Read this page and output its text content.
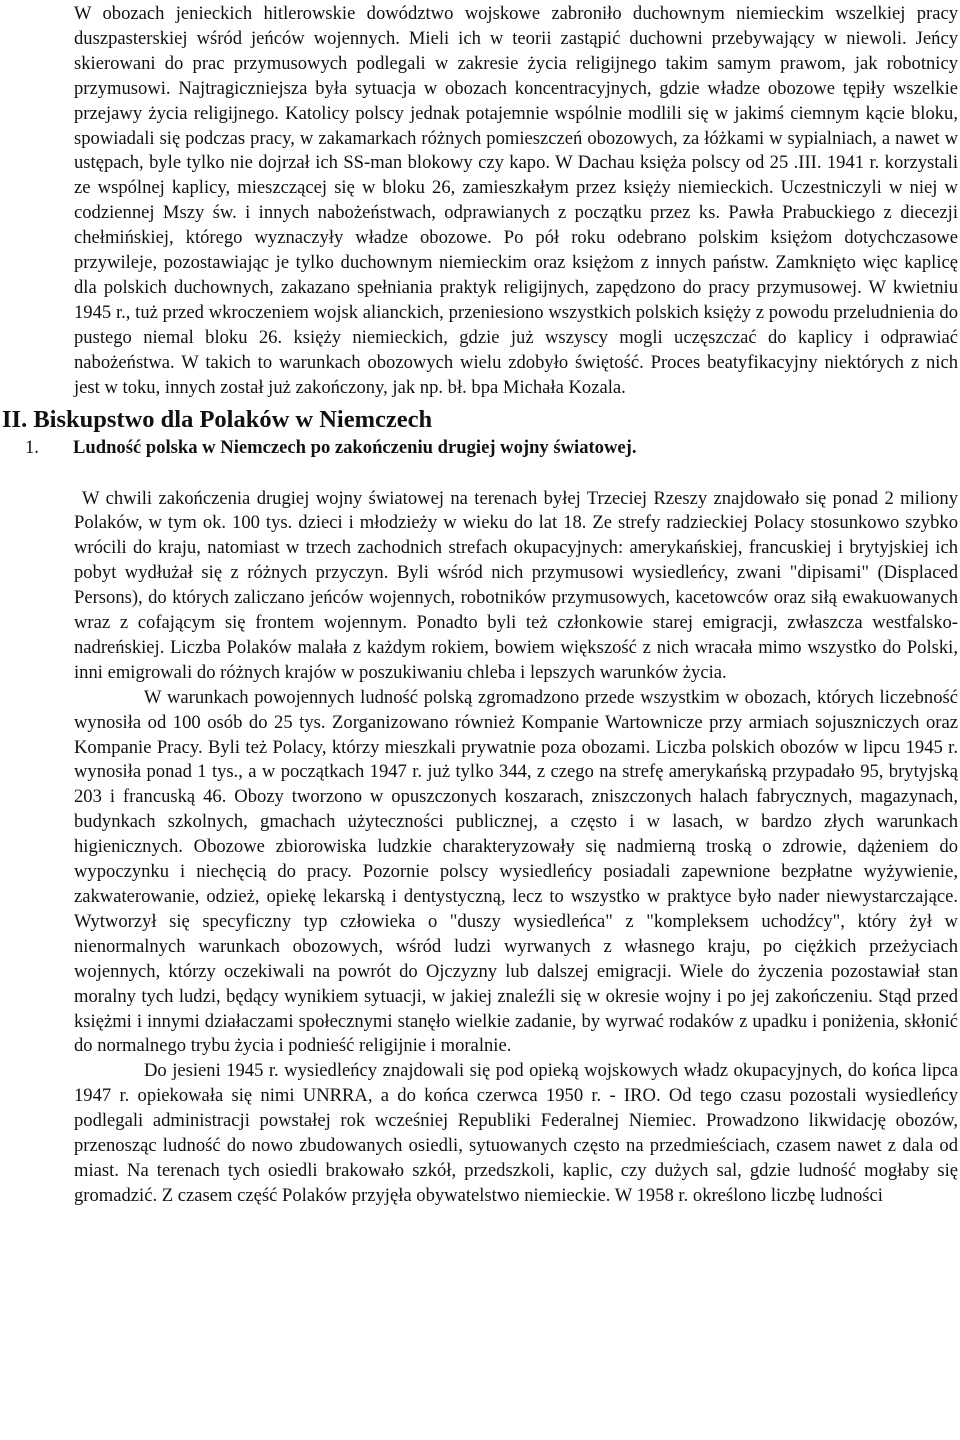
W obozach jenieckich hitlerowskie dowództwo wojskowe zabroniło duchownym niemieckim wszelkiej pracy duszpasterskiej wśród jeńców wojennych. Mieli ich w teorii zastąpić duchowni przebywający w niewoli. Jeńcy skierowani do prac przymusowych podlegali w zakresie życia religijnego takim samym prawom, jak robotnicy przymusowi. Najtragiczniejsza była sytuacja w obozach koncentracyjnych, gdzie władze obozowe tępiły wszelkie przejawy życia religijnego. Katolicy polscy jednak potajemnie wspólnie modlili się w jakimś ciemnym kącie bloku, spowiadali się podczas pracy, w zakamarkach różnych pomieszczeń obozowych, za łóżkami w sypialniach, a nawet w ustępach, byle tylko nie dojrzał ich SS-man blokowy czy kapo. W Dachau księża polscy od 25 .III. 1941 r. korzystali ze wspólnej kaplicy, mieszczącej się w bloku 26, zamieszkałym przez księży niemieckich. Uczestniczyli w niej w codziennej Mszy św. i innych nabożeństwach, odprawianych z początku przez ks. Pawła Prabuckiego z diecezji chełmińskiej, którego wyznaczyły władze obozowe. Po pół roku odebrano polskim księżom dotychczasowe przywileje, pozostawiając je tylko duchownym niemieckim oraz księżom z innych państw. Zamknięto więc kaplicę dla polskich duchownych, zakazano spełniania praktyk religijnych, zapędzono do pracy przymusowej. W kwietniu 1945 r., tuż przed wkroczeniem wojsk alianckich, przeniesiono wszystkich polskich księży z powodu przeludnienia do pustego niemal bloku 26. księży niemieckich, gdzie już wszyscy mogli uczęszczać do kaplicy i odprawiać nabożeństwa. W takich to warunkach obozowych wielu zdobyło świętość. Proces beatyfikacyjny niektórych z nich jest w toku, innych został już zakończony, jak np. bł. bpa Michała Kozala.

II. Biskupstwo dla Polaków w Niemczech
1.	Ludność polska w Niemczech po zakończeniu drugiej wojny światowej.

W chwili zakończenia drugiej wojny światowej na terenach byłej Trzeciej Rzeszy znajdowało się ponad 2 miliony Polaków, w tym ok. 100 tys. dzieci i młodzieży w wieku do lat 18. Ze strefy radzieckiej Polacy stosunkowo szybko wrócili do kraju, natomiast w trzech zachodnich strefach okupacyjnych: amerykańskiej, francuskiej i brytyjskiej ich pobyt wydłużał się z różnych przyczyn. Byli wśród nich przymusowi wysiedleńcy, zwani "dipisami" (Displaced Persons), do których zaliczano jeńców wojennych, robotników przymusowych, kacetowców oraz siłą ewakuowanych wraz z cofającym się frontem wojennym. Ponadto byli też członkowie starej emigracji, zwłaszcza westfalsko-nadreńskiej. Liczba Polaków malała z każdym rokiem, bowiem większość z nich wracała mimo wszystko do Polski, inni emigrowali do różnych krajów w poszukiwaniu chleba i lepszych warunków życia.

W warunkach powojennych ludność polską zgromadzono przede wszystkim w obozach, których liczebność wynosiła od 100 osób do 25 tys. Zorganizowano również Kompanie Wartownicze przy armiach sojuszniczych oraz Kompanie Pracy. Byli też Polacy, którzy mieszkali prywatnie poza obozami. Liczba polskich obozów w lipcu 1945 r. wynosiła ponad 1 tys., a w początkach 1947 r. już tylko 344, z czego na strefę amerykańską przypadało 95, brytyjską 203 i francuską 46. Obozy tworzono w opuszczonych koszarach, zniszczonych halach fabrycznych, magazynach, budynkach szkolnych, gmachach użyteczności publicznej, a często i w lasach, w bardzo złych warunkach higienicznych. Obozowe zbiorowiska ludzkie charakteryzowały się nadmierną troską o zdrowie, dążeniem do wypoczynku i niechęcią do pracy. Pozornie polscy wysiedleńcy posiadali zapewnione bezpłatne wyżywienie, zakwaterowanie, odzież, opiekę lekarską i dentystyczną, lecz to wszystko w praktyce było nader niewystarczające. Wytworzył się specyficzny typ człowieka o "duszy wysiedleńca" z "kompleksem uchodźcy", który żył w nienormalnych warunkach obozowych, wśród ludzi wyrwanych z własnego kraju, po ciężkich przeżyciach wojennych, którzy oczekiwali na powrót do Ojczyzny lub dalszej emigracji. Wiele do życzenia pozostawiał stan moralny tych ludzi, będący wynikiem sytuacji, w jakiej znaleźli się w okresie wojny i po jej zakończeniu. Stąd przed księżmi i innymi działaczami społecznymi stanęło wielkie zadanie, by wyrwać rodaków z upadku i poniżenia, skłonić do normalnego trybu życia i podnieść religijnie i moralnie.

Do jesieni 1945 r. wysiedleńcy znajdowali się pod opieką wojskowych władz okupacyjnych, do końca lipca 1947 r. opiekowała się nimi UNRRA, a do końca czerwca 1950 r. - IRO. Od tego czasu pozostali wysiedleńcy podlegali administracji powstałej rok wcześniej Republiki Federalnej Niemiec. Prowadzono likwidację obozów, przenosząc ludność do nowo zbudowanych osiedli, sytuowanych często na przedmieściach, czasem nawet z dala od miast. Na terenach tych osiedli brakowało szkół, przedszkoli, kaplic, czy dużych sal, gdzie ludność mogłaby się gromadzić. Z czasem część Polaków przyjęła obywatelstwo niemieckie. W 1958 r. określono liczbę ludności
